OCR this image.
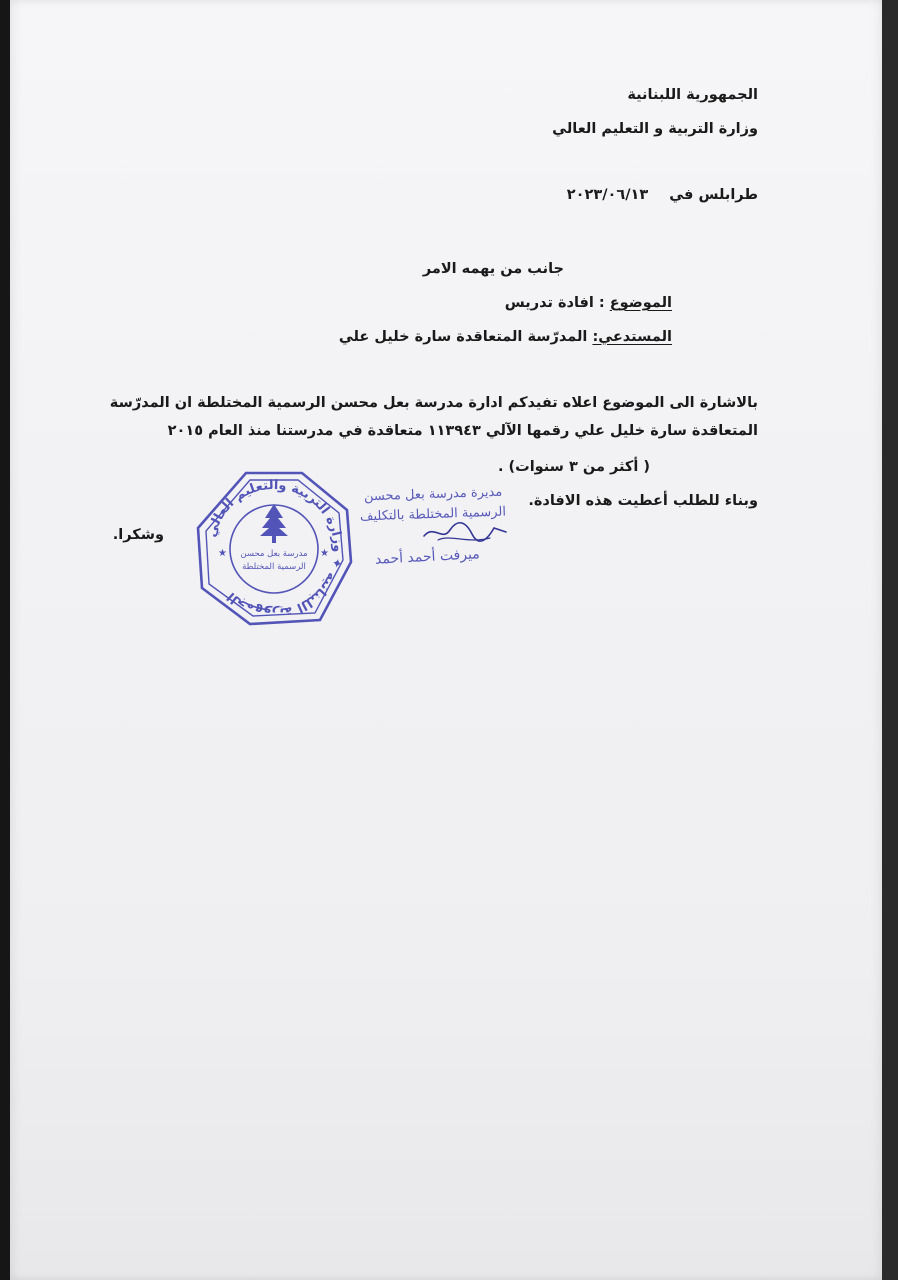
الجمهورية اللبنانية
وزارة التربية و التعليم العالي
طرابلس في ٢٠٢٣/٠٦/١٣
جانب من يهمه الامر
الموضوع : افادة تدريس
المستدعي: المدرّسة المتعاقدة سارة خليل علي
بالاشارة الى الموضوع اعلاه تفيدكم ادارة مدرسة بعل محسن الرسمية المختلطة ان المدرّسة
المتعاقدة سارة خليل علي رقمها الآلي ١١٣٩٤٣ متعاقدة في مدرستنا منذ العام ٢٠١٥
( أكثر من ٣ سنوات) .
وبناء للطلب أعطيت هذه الافادة.
وشكرا.
مديرة مدرسة بعل محسن
الرسمية المختلطة بالتكليف
ميرفت أحمد أحمد
الجمهورية اللبنانية ✦ وزارة التربية والتعليم العالي
مدرسة بعل محسن
الرسمية المختلطة
★	★
